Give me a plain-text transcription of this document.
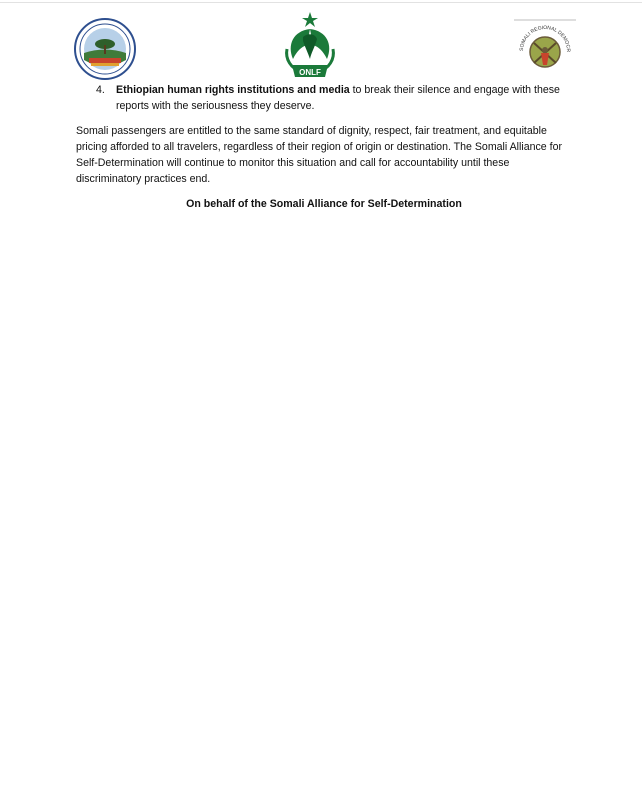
ONLF
SOMALI REGIONAL DEMOCR
4.	Ethiopian human rights institutions and media to break their silence and engage with these reports with the seriousness they deserve.
Somali passengers are entitled to the same standard of dignity, respect, fair treatment, and equitable pricing afforded to all travelers, regardless of their region of origin or destination. The Somali Alliance for Self-Determination will continue to monitor this situation and call for accountability until these discriminatory practices end.
On behalf of the Somali Alliance for Self-Determination
